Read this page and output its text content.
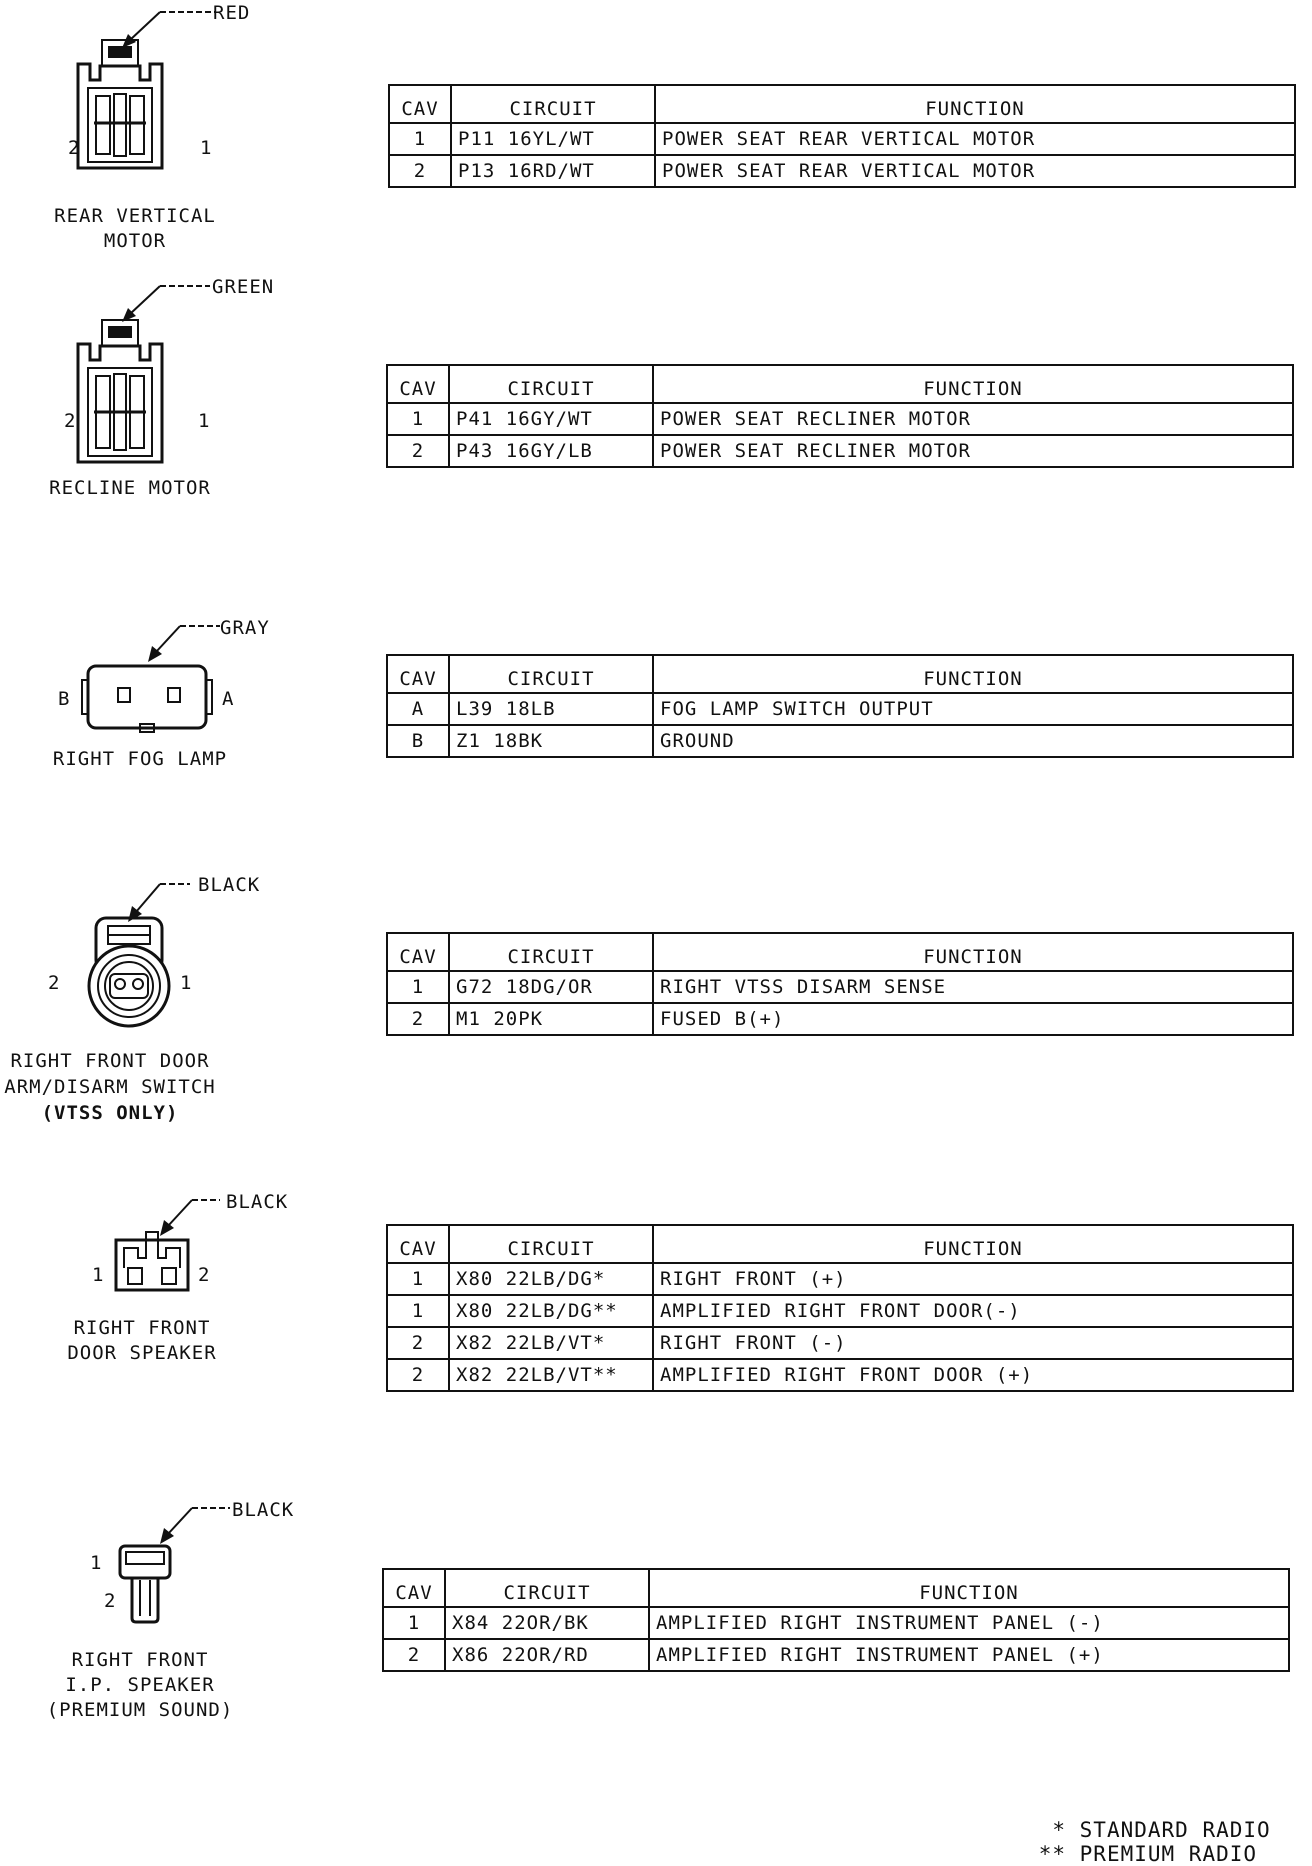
RED
2	1
REAR VERTICAL
MOTOR
CAV	CIRCUIT	FUNCTION
1	P11 16YL/WT	POWER SEAT REAR VERTICAL MOTOR
2	P13 16RD/WT	POWER SEAT REAR VERTICAL MOTOR
GREEN
2	1
RECLINE MOTOR
CAV	CIRCUIT	FUNCTION
1	P41 16GY/WT	POWER SEAT RECLINER MOTOR
2	P43 16GY/LB	POWER SEAT RECLINER MOTOR
GRAY
B	A
RIGHT FOG LAMP
CAV	CIRCUIT	FUNCTION
A	L39 18LB	FOG LAMP SWITCH OUTPUT
B	Z1 18BK	GROUND
BLACK
2	1
RIGHT FRONT DOOR
ARM/DISARM SWITCH
(VTSS ONLY)
CAV	CIRCUIT	FUNCTION
1	G72 18DG/OR	RIGHT VTSS DISARM SENSE
2	M1 20PK	FUSED B(+)
BLACK
1	2
RIGHT FRONT
DOOR SPEAKER
CAV	CIRCUIT	FUNCTION
1	X80 22LB/DG*	RIGHT FRONT (+)
1	X80 22LB/DG**	AMPLIFIED RIGHT FRONT DOOR(-)
2	X82 22LB/VT*	RIGHT FRONT (-)
2	X82 22LB/VT**	AMPLIFIED RIGHT FRONT DOOR (+)
BLACK
1
2
RIGHT FRONT
I.P. SPEAKER
(PREMIUM SOUND)
CAV	CIRCUIT	FUNCTION
1	X84 22OR/BK	AMPLIFIED RIGHT INSTRUMENT PANEL (-)
2	X86 22OR/RD	AMPLIFIED RIGHT INSTRUMENT PANEL (+)
* STANDARD RADIO
** PREMIUM RADIO
